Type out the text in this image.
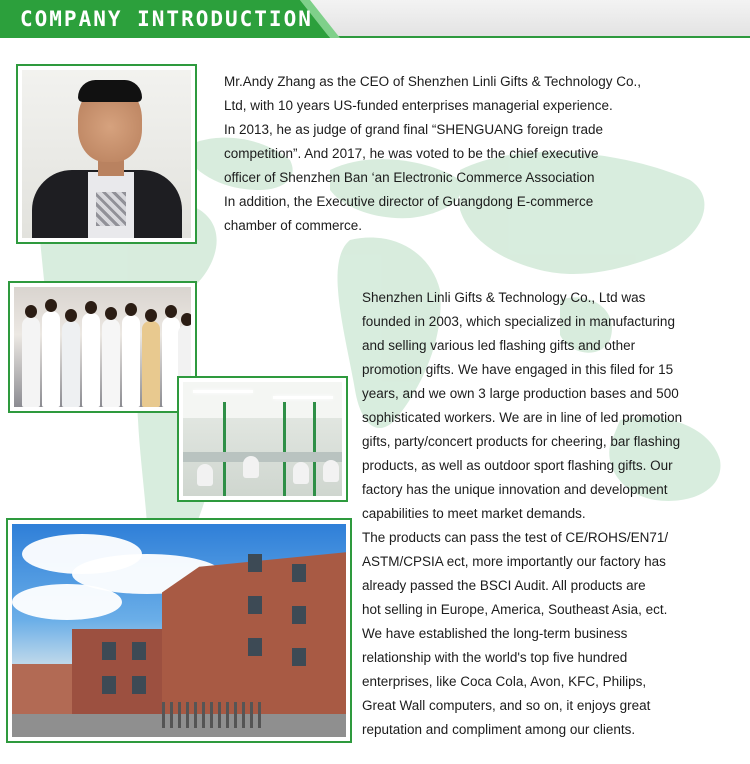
COMPANY INTRODUCTION

Mr.Andy Zhang as the CEO of Shenzhen Linli Gifts & Technology Co.,

Ltd, with 10 years US-funded enterprises managerial experience.

In 2013, he as judge of grand final “SHENGUANG foreign trade

competition”. And 2017, he was voted to be the chief executive

officer of Shenzhen Ban ‘an Electronic Commerce Association

In addition, the Executive director of Guangdong E-commerce

chamber of commerce.

Shenzhen Linli Gifts & Technology Co., Ltd was

founded in 2003, which specialized in manufacturing

and selling various led flashing gifts and other

promotion gifts. We have engaged in this filed for 15

years, and we own 3 large production bases and 500

sophisticated workers. We are in line of led promotion

gifts, party/concert products for cheering, bar flashing

products, as well as outdoor sport flashing gifts. Our

factory has the unique innovation and development

capabilities to meet market demands.

The products can pass the test of CE/ROHS/EN71/

ASTM/CPSIA ect, more importantly our factory has

already passed the BSCI Audit. All products are

hot selling in Europe, America, Southeast Asia, ect.

We have established the long-term business

relationship with the world's top five hundred

enterprises, like Coca Cola, Avon, KFC, Philips,

Great Wall computers, and so on, it enjoys great

reputation and compliment among our clients.
